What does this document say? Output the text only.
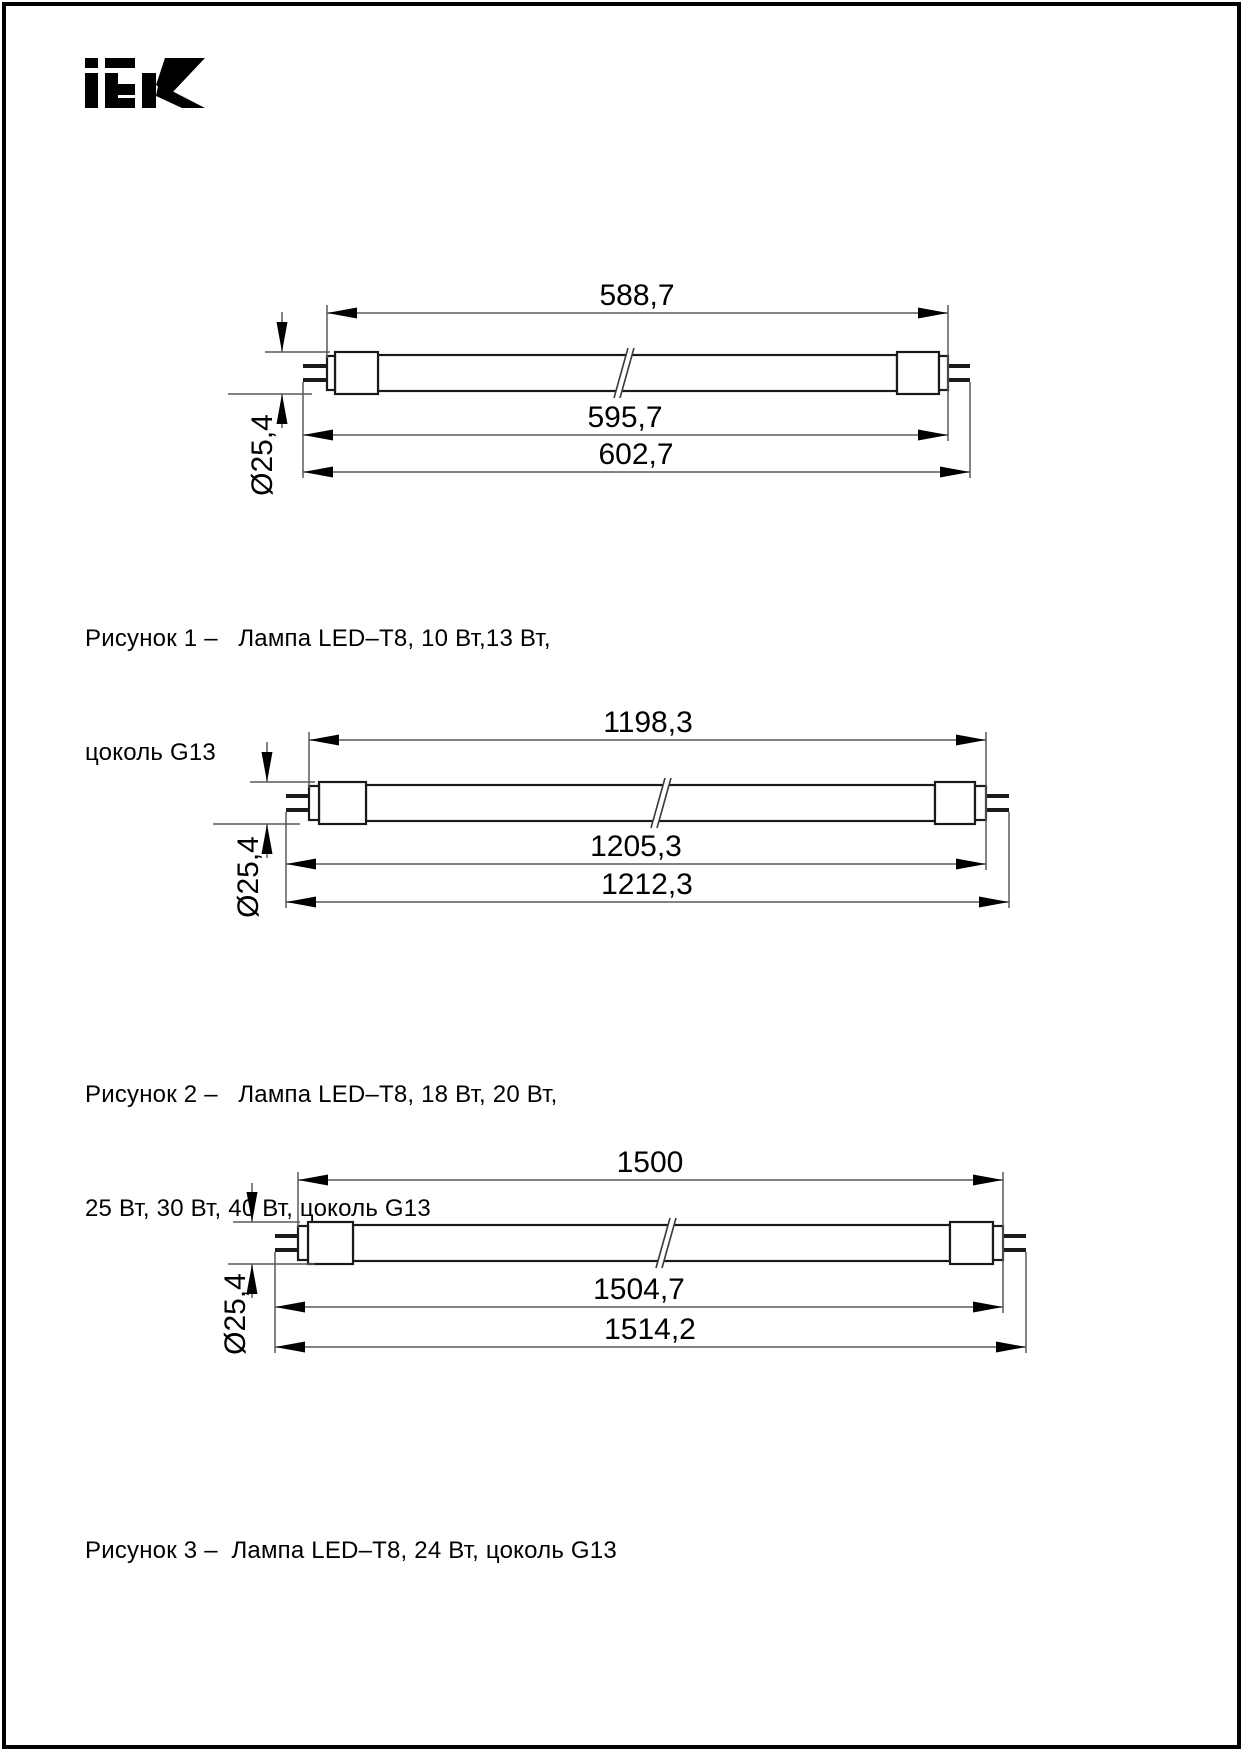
588,7
595,7
602,7
Ø25,4
1198,3
1205,3
1212,3
Ø25,4
1500
1504,7
1514,2
Ø25,4

Рисунок 1 –   Лампа LED–T8, 10 Вт,13 Вт,

цоколь G13

Рисунок 2 –   Лампа LED–T8, 18 Вт, 20 Вт,

25 Вт, 30 Вт, 40 Вт, цоколь G13

Рисунок 3 –  Лампа LED–T8, 24 Вт, цоколь G13
